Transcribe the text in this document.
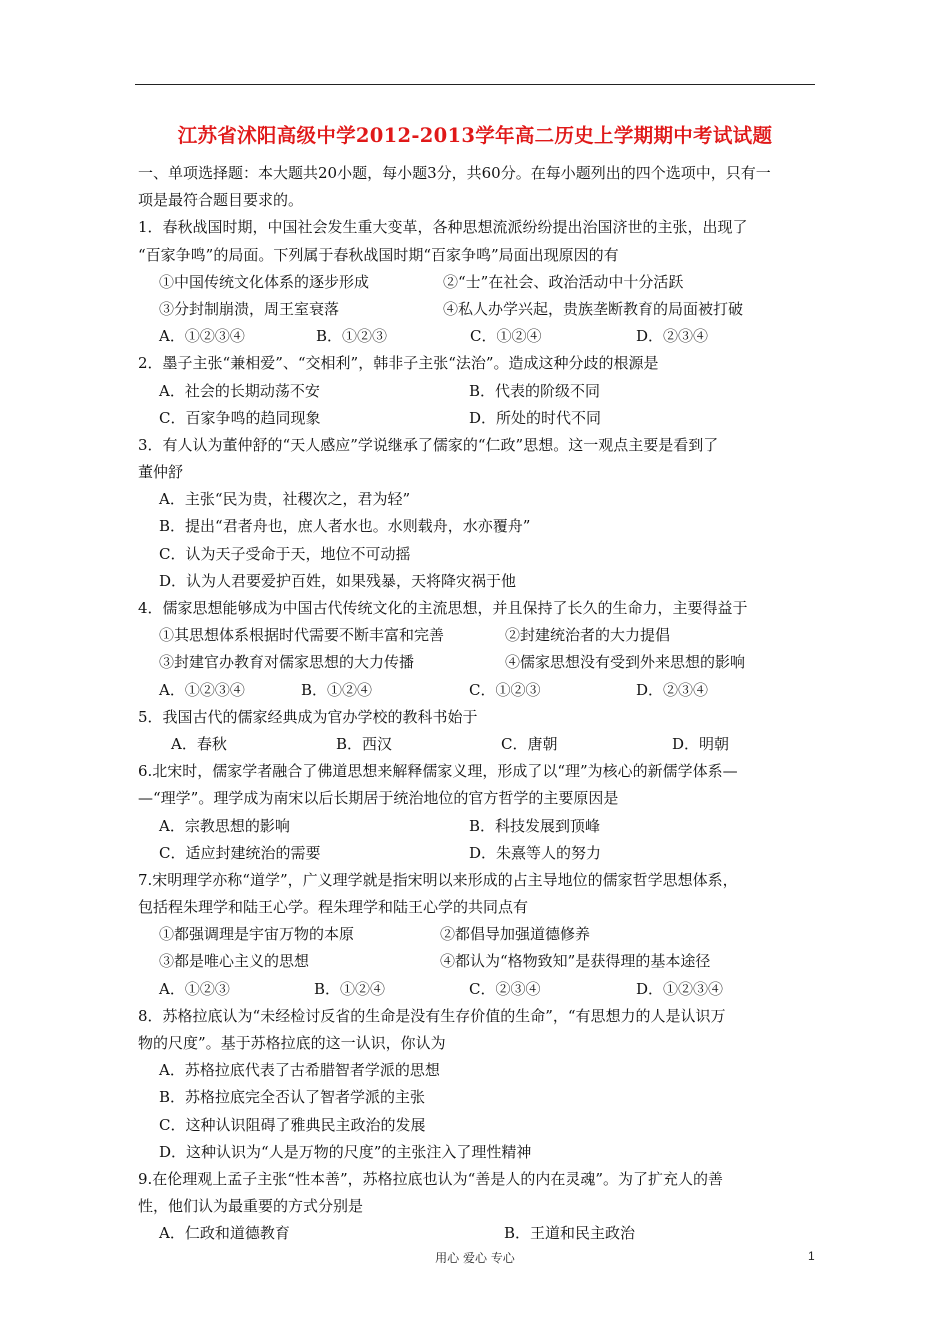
江苏省沭阳高级中学2012-2013学年高二历史上学期期中考试试题
一、单项选择题：本大题共20小题，每小题3分，共60分。在每小题列出的四个选项中，只有一
项是最符合题目要求的。
1．春秋战国时期，中国社会发生重大变革，各种思想流派纷纷提出治国济世的主张，出现了
“百家争鸣”的局面。下列属于春秋战国时期“百家争鸣”局面出现原因的有
①中国传统文化体系的逐步形成	②“士”在社会、政治活动中十分活跃
③分封制崩溃，周王室衰落	④私人办学兴起，贵族垄断教育的局面被打破
A．①②③④	B．①②③	C．①②④	D．②③④
2．墨子主张“兼相爱”、“交相利”，韩非子主张“法治”。造成这种分歧的根源是
A．社会的长期动荡不安	B．代表的阶级不同
C．百家争鸣的趋同现象	D．所处的时代不同
3．有人认为董仲舒的“天人感应”学说继承了儒家的“仁政”思想。这一观点主要是看到了
董仲舒
A．主张“民为贵，社稷次之，君为轻”
B．提出“君者舟也，庶人者水也。水则载舟，水亦覆舟”
C．认为天子受命于天，地位不可动摇
D．认为人君要爱护百姓，如果残暴，天将降灾祸于他
4．儒家思想能够成为中国古代传统文化的主流思想，并且保持了长久的生命力，主要得益于
①其思想体系根据时代需要不断丰富和完善	②封建统治者的大力提倡
③封建官办教育对儒家思想的大力传播	④儒家思想没有受到外来思想的影响
A．①②③④	B．①②④	C．①②③	D．②③④
5．我国古代的儒家经典成为官办学校的教科书始于
A．春秋	B．西汉	C．唐朝	D．明朝
6.北宋时，儒家学者融合了佛道思想来解释儒家义理，形成了以“理”为核心的新儒学体系—
—“理学”。理学成为南宋以后长期居于统治地位的官方哲学的主要原因是
A．宗教思想的影响	B．科技发展到顶峰
C．适应封建统治的需要	D．朱熹等人的努力
7.宋明理学亦称“道学”，广义理学就是指宋明以来形成的占主导地位的儒家哲学思想体系，
包括程朱理学和陆王心学。程朱理学和陆王心学的共同点有
①都强调理是宇宙万物的本原	②都倡导加强道德修养
③都是唯心主义的思想	④都认为“格物致知”是获得理的基本途径
A．①②③	B．①②④	C．②③④	D．①②③④
8．苏格拉底认为“未经检讨反省的生命是没有生存价值的生命”，“有思想力的人是认识万
物的尺度”。基于苏格拉底的这一认识，你认为
A．苏格拉底代表了古希腊智者学派的思想
B．苏格拉底完全否认了智者学派的主张
C．这种认识阻碍了雅典民主政治的发展
D．这种认识为“人是万物的尺度”的主张注入了理性精神
9.在伦理观上孟子主张“性本善”，苏格拉底也认为“善是人的内在灵魂”。为了扩充人的善
性，他们认为最重要的方式分别是
A．仁政和道德教育	B．王道和民主政治
用心 爱心 专心	1
